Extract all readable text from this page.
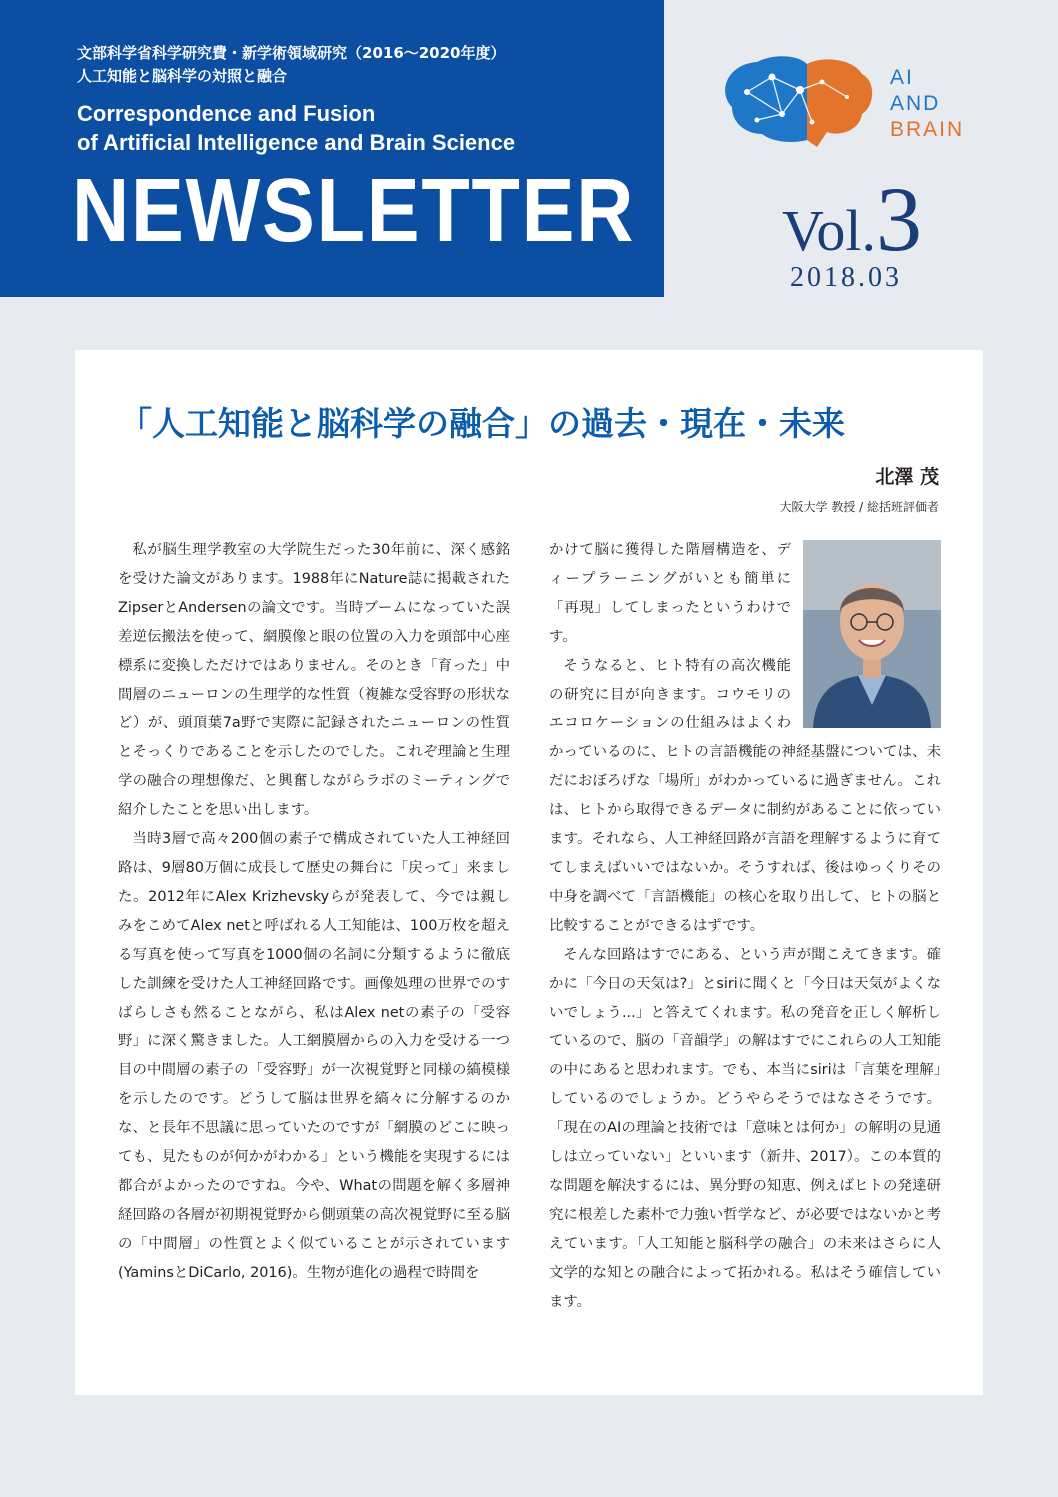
文部科学省科学研究費・新学術領域研究（2016～2020年度）
人工知能と脳科学の対照と融合
Correspondence and Fusion
of Artificial Intelligence and Brain Science
NEWSLETTER
AI
AND
BRAIN
Vol.3
2018.03
「人工知能と脳科学の融合」の過去・現在・未来
北澤 茂
大阪大学 教授 / 総括班評価者

私が脳生理学教室の大学院生だった30年前に、深く感銘を受けた論文があります。1988年にNature誌に掲載されたZipserとAndersenの論文です。当時ブームになっていた誤差逆伝搬法を使って、網膜像と眼の位置の入力を頭部中心座標系に変換しただけではありません。そのとき「育った」中間層のニューロンの生理学的な性質（複雑な受容野の形状など）が、頭頂葉7a野で実際に記録されたニューロンの性質とそっくりであることを示したのでした。これぞ理論と生理学の融合の理想像だ、と興奮しながらラボのミーティングで紹介したことを思い出します。

当時3層で高々200個の素子で構成されていた人工神経回路は、9層80万個に成長して歴史の舞台に「戻って」来ました。2012年にAlex Krizhevskyらが発表して、今では親しみをこめてAlex netと呼ばれる人工知能は、100万枚を超える写真を使って写真を1000個の名詞に分類するように徹底した訓練を受けた人工神経回路です。画像処理の世界でのすばらしさも然ることながら、私はAlex netの素子の「受容野」に深く驚きました。人工網膜層からの入力を受ける一つ目の中間層の素子の「受容野」が一次視覚野と同様の縞模様を示したのです。どうして脳は世界を縞々に分解するのかな、と長年不思議に思っていたのですが「網膜のどこに映っても、見たものが何かがわかる」という機能を実現するには都合がよかったのですね。今や、Whatの問題を解く多層神経回路の各層が初期視覚野から側頭葉の高次視覚野に至る脳の「中間層」の性質とよく似ていることが示されています(YaminsとDiCarlo, 2016)。生物が進化の過程で時間を

かけて脳に獲得した階層構造を、ディープラーニングがいとも簡単に「再現」してしまったというわけです。

そうなると、ヒト特有の高次機能の研究に目が向きます。コウモリのエコロケーションの仕組みはよくわかっているのに、ヒトの言語機能の神経基盤については、未だにおぼろげな「場所」がわかっているに過ぎません。これは、ヒトから取得できるデータに制約があることに依っています。それなら、人工神経回路が言語を理解するように育ててしまえばいいではないか。そうすれば、後はゆっくりその中身を調べて「言語機能」の核心を取り出して、ヒトの脳と比較することができるはずです。

そんな回路はすでにある、という声が聞こえてきます。確かに「今日の天気は?」とsiriに聞くと「今日は天気がよくないでしょう...」と答えてくれます。私の発音を正しく解析しているので、脳の「音韻学」の解はすでにこれらの人工知能の中にあると思われます。でも、本当にsiriは「言葉を理解」しているのでしょうか。どうやらそうではなさそうです。「現在のAIの理論と技術では「意味とは何か」の解明の見通しは立っていない」といいます（新井、2017）。この本質的な問題を解決するには、異分野の知恵、例えばヒトの発達研究に根差した素朴で力強い哲学など、が必要ではないかと考えています。「人工知能と脳科学の融合」の未来はさらに人文学的な知との融合によって拓かれる。私はそう確信しています。
